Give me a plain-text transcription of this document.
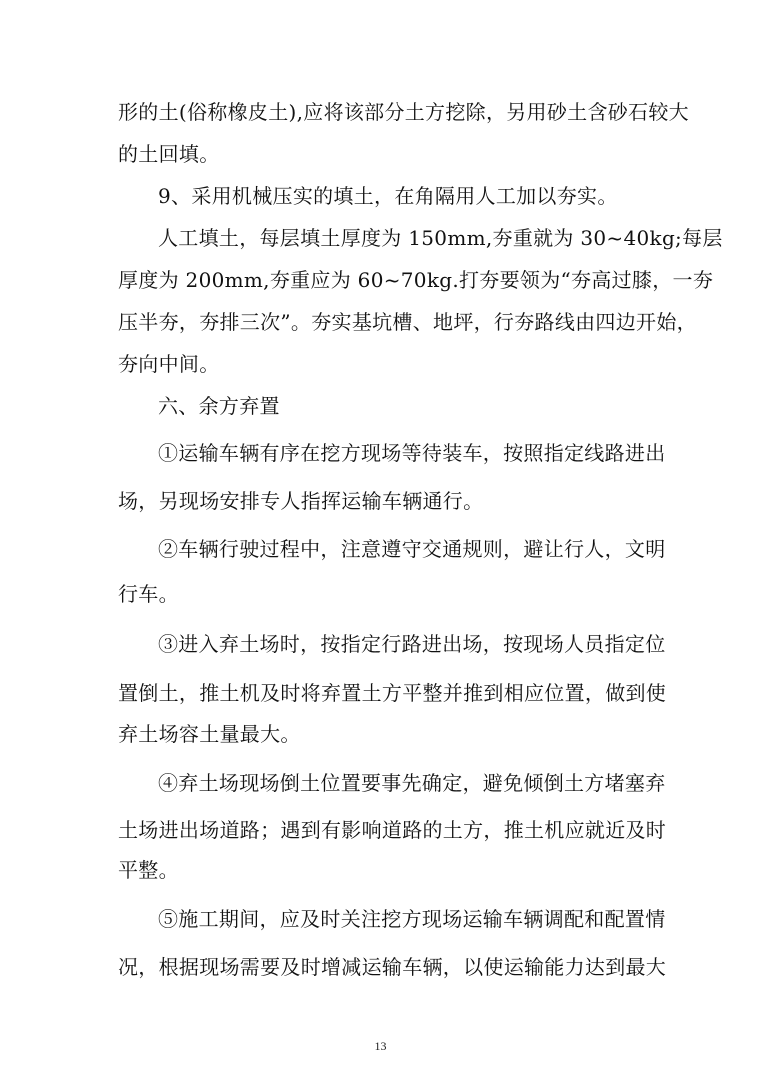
形的土(俗称橡皮土),应将该部分土方挖除，另用砂土含砂石较大
的土回填。
9、采用机械压实的填土，在角隔用人工加以夯实。
人工填土，每层填土厚度为 150mm,夯重就为 30~40kg;每层
厚度为 200mm,夯重应为 60~70kg.打夯要领为“夯高过膝，一夯
压半夯，夯排三次”。夯实基坑槽、地坪，行夯路线由四边开始，
夯向中间。
六、余方弃置
①运输车辆有序在挖方现场等待装车，按照指定线路进出
场，另现场安排专人指挥运输车辆通行。
②车辆行驶过程中，注意遵守交通规则，避让行人，文明
行车。
③进入弃土场时，按指定行路进出场，按现场人员指定位
置倒土，推土机及时将弃置土方平整并推到相应位置，做到使
弃土场容土量最大。
④弃土场现场倒土位置要事先确定，避免倾倒土方堵塞弃
土场进出场道路；遇到有影响道路的土方，推土机应就近及时
平整。
⑤施工期间，应及时关注挖方现场运输车辆调配和配置情
况，根据现场需要及时增减运输车辆，以使运输能力达到最大
13
